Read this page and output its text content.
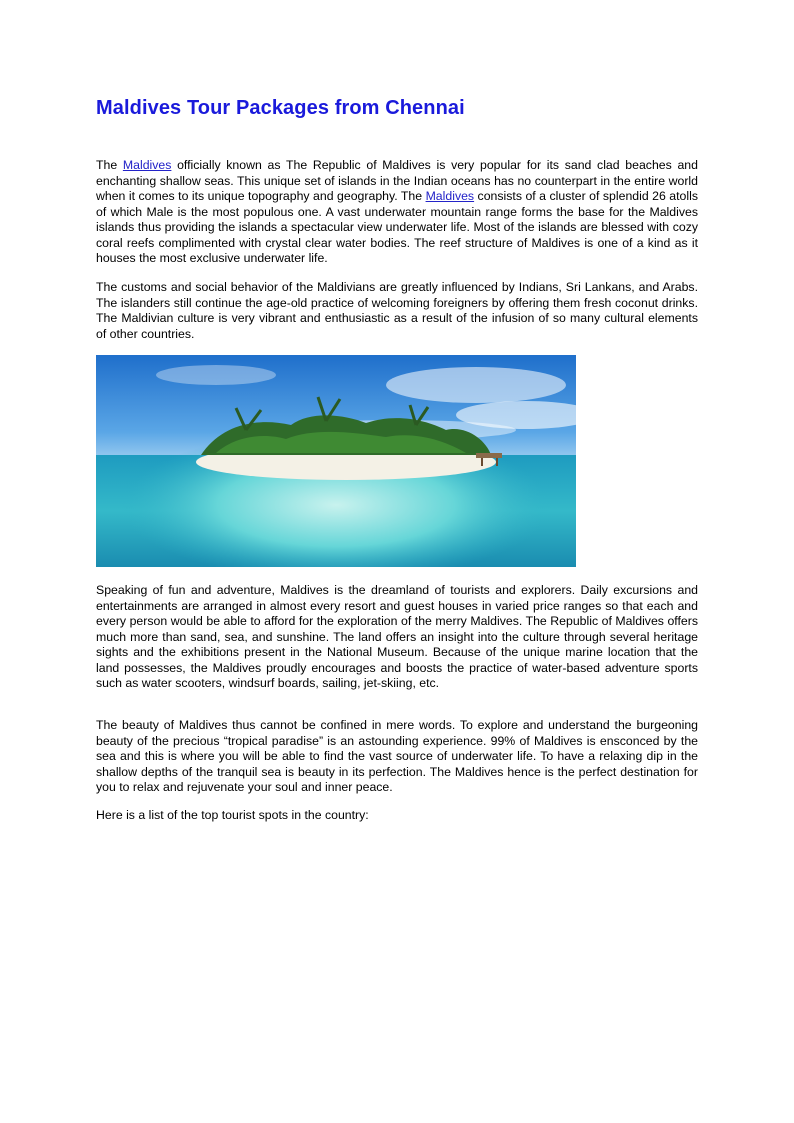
Maldives Tour Packages from Chennai

The Maldives officially known as The Republic of Maldives is very popular for its sand clad beaches and enchanting shallow seas. This unique set of islands in the Indian oceans has no counterpart in the entire world when it comes to its unique topography and geography. The Maldives consists of a cluster of splendid 26 atolls of which Male is the most populous one. A vast underwater mountain range forms the base for the Maldives islands thus providing the islands a spectacular view underwater life. Most of the islands are blessed with cozy coral reefs complimented with crystal clear water bodies. The reef structure of Maldives is one of a kind as it houses the most exclusive underwater life.

The customs and social behavior of the Maldivians are greatly influenced by Indians, Sri Lankans, and Arabs. The islanders still continue the age-old practice of welcoming foreigners by offering them fresh coconut drinks. The Maldivian culture is very vibrant and enthusiastic as a result of the infusion of so many cultural elements of other countries.

Speaking of fun and adventure, Maldives is the dreamland of tourists and explorers. Daily excursions and entertainments are arranged in almost every resort and guest houses in varied price ranges so that each and every person would be able to afford for the exploration of the merry Maldives. The Republic of Maldives offers much more than sand, sea, and sunshine. The land offers an insight into the culture through several heritage sights and the exhibitions present in the National Museum. Because of the unique marine location that the land possesses, the Maldives proudly encourages and boosts the practice of water-based adventure sports such as water scooters, windsurf boards, sailing, jet-skiing, etc.

The beauty of Maldives thus cannot be confined in mere words. To explore and understand the burgeoning beauty of the precious “tropical paradise” is an astounding experience. 99% of Maldives is ensconced by the sea and this is where you will be able to find the vast source of underwater life. To have a relaxing dip in the shallow depths of the tranquil sea is beauty in its perfection. The Maldives hence is the perfect destination for you to relax and rejuvenate your soul and inner peace.

Here is a list of the top tourist spots in the country:
